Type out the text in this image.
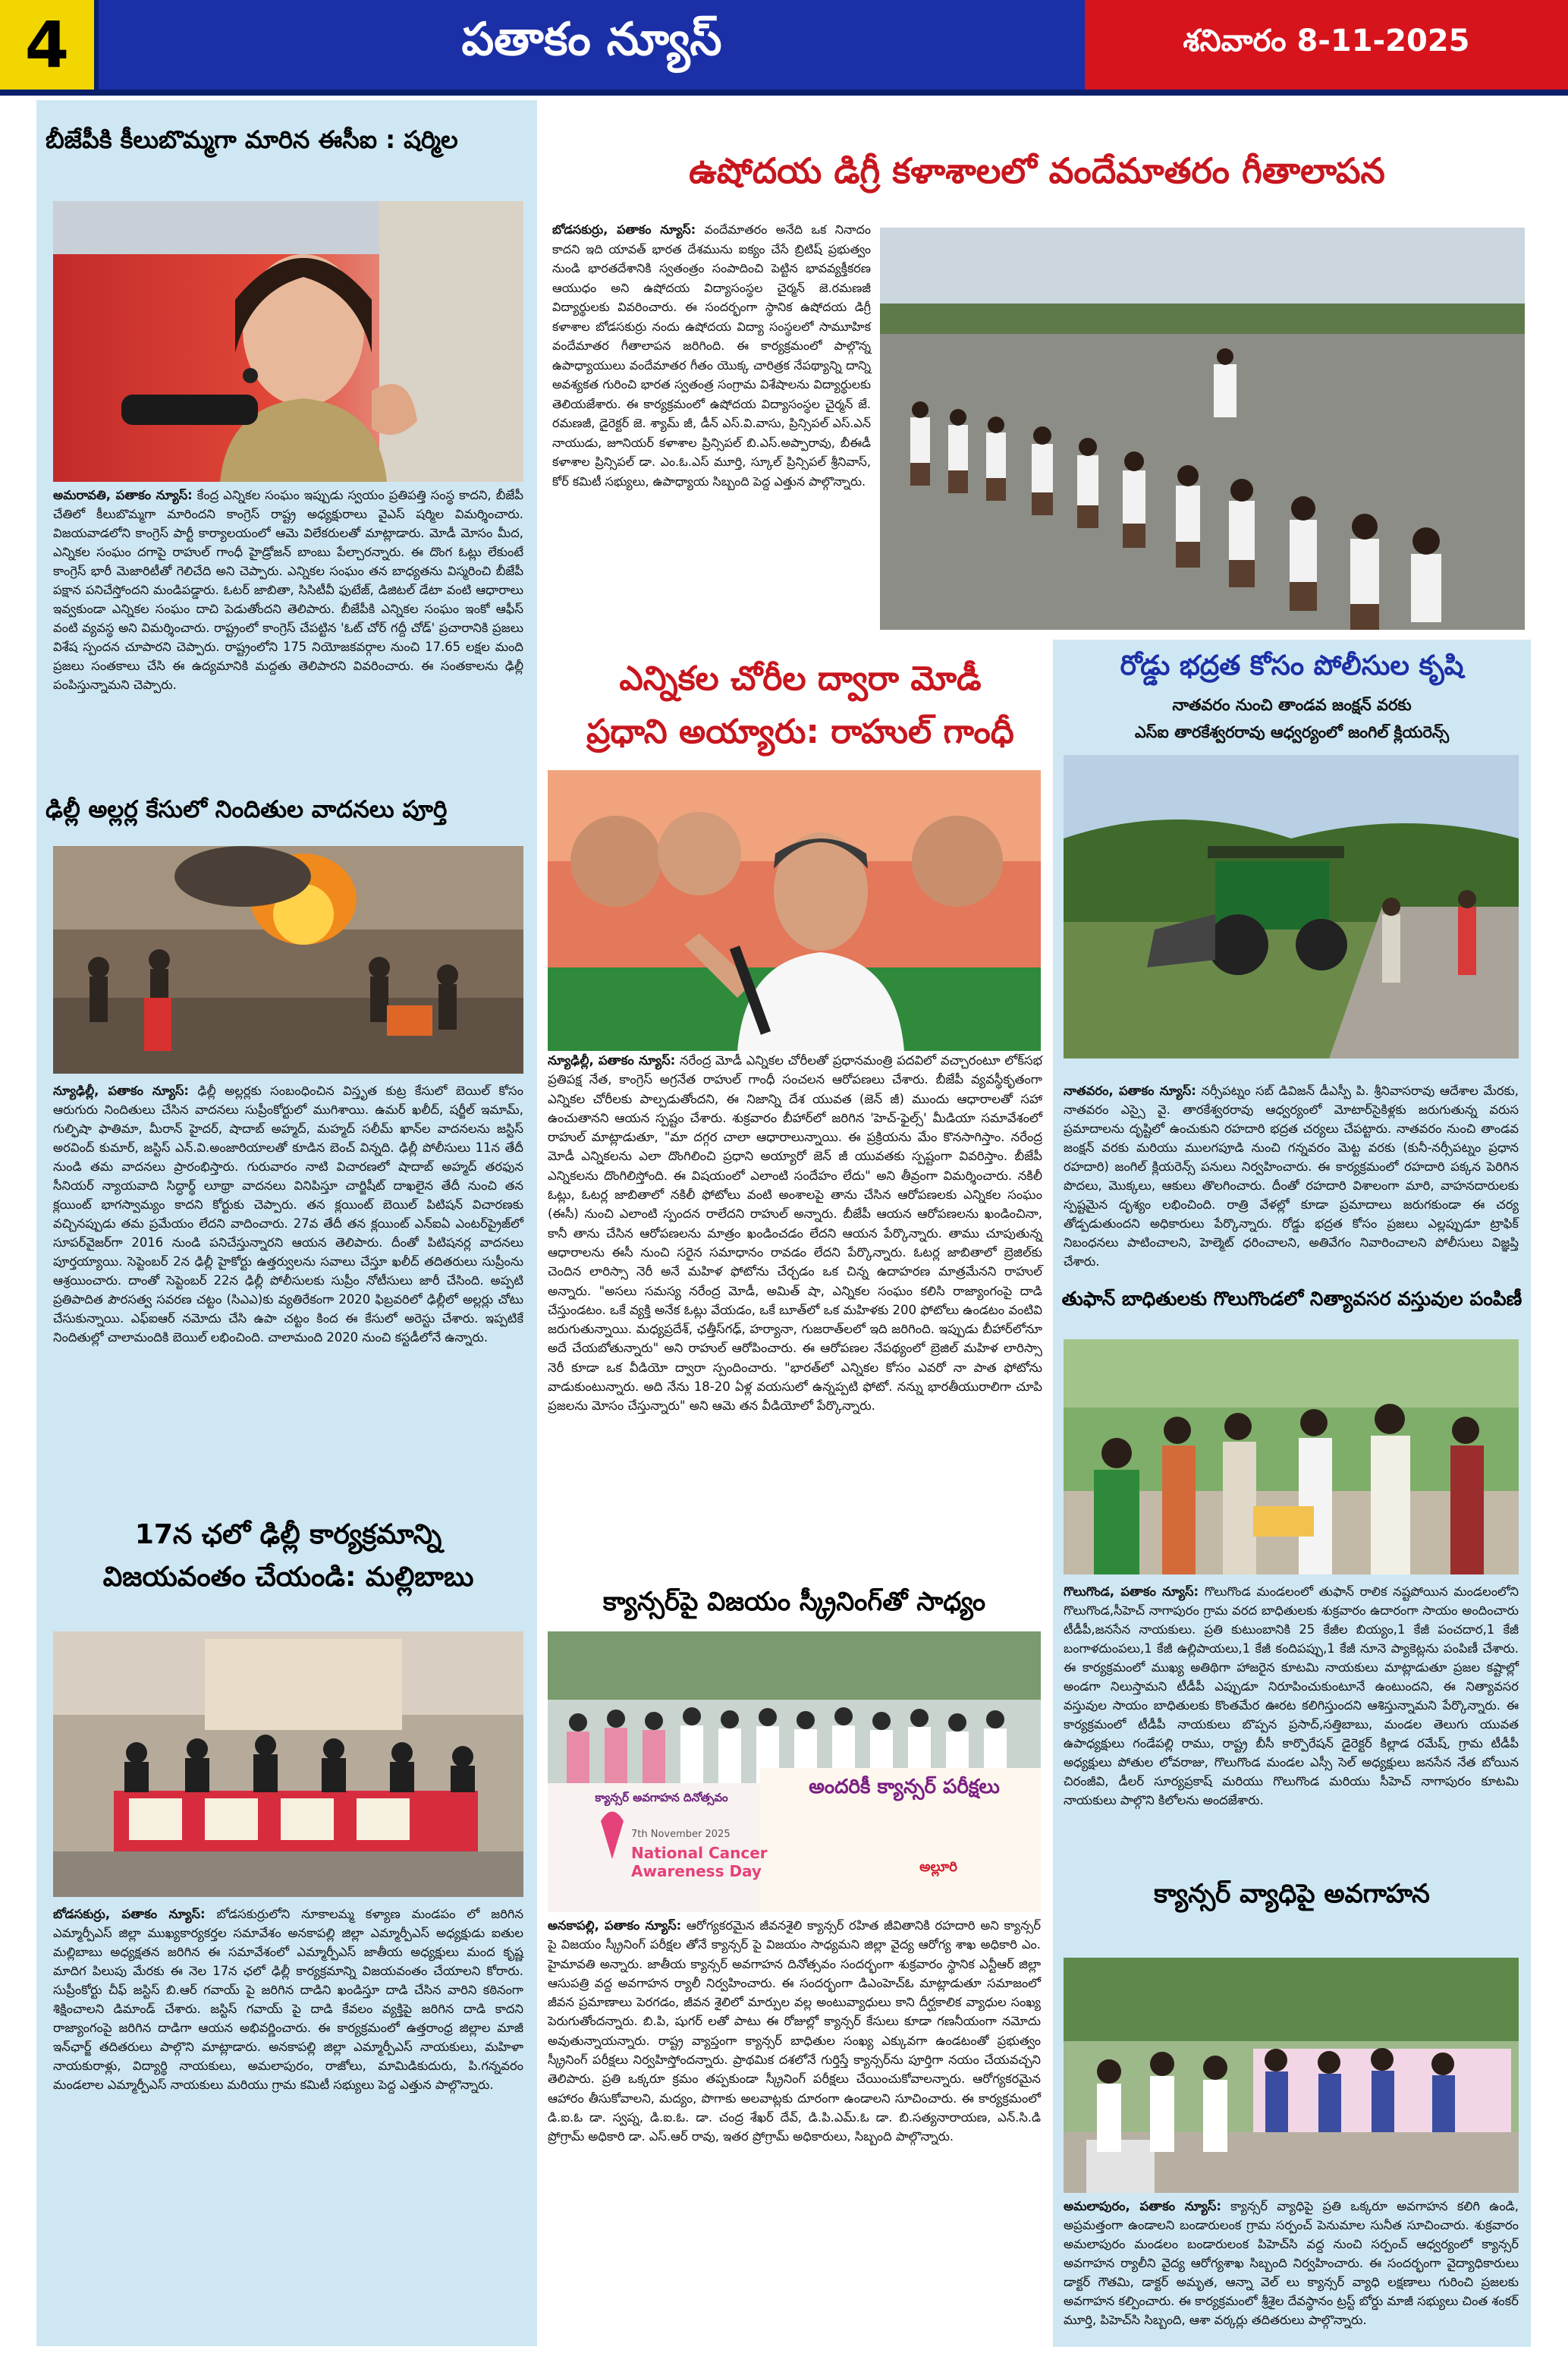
4	పతాకం న్యూస్	శనివారం 8-11-2025
బీజేపీకి కీలుబొమ్మగా మారిన ఈసీఐ : షర్మిల

అమరావతి, పతాకం న్యూస్: కేంద్ర ఎన్నికల సంఘం ఇప్పుడు స్వయం ప్రతిపత్తి సంస్థ కాదని, బీజేపీ చేతిలో కీలుబొమ్మగా మారిందని కాంగ్రెస్ రాష్ట్ర అధ్యక్షురాలు వైఎస్ షర్మిల విమర్శించారు. విజయవాడలోని కాంగ్రెస్ పార్టీ కార్యాలయంలో ఆమె విలేకరులతో మాట్లాడారు. మోడీ మోసం మీద, ఎన్నికల సంఘం దగాపై రాహుల్ గాంధీ హైడ్రోజన్ బాంబు పేల్చారన్నారు. ఈ దొంగ ఓట్లు లేకుంటే కాంగ్రెస్ భారీ మెజారిటీతో గెలిచేది అని చెప్పారు. ఎన్నికల సంఘం తన బాధ్యతను విస్మరించి బీజేపీ పక్షాన పనిచేస్తోందని మండిపడ్డారు. ఓటర్ జాబితా, సిసిటీవీ ఫుటేజ్, డిజిటల్ డేటా వంటి ఆధారాలు ఇవ్వకుండా ఎన్నికల సంఘం దాచి పెడుతోందని తెలిపారు. బీజేపీకి ఎన్నికల సంఘం ఇంకో ఆఫీస్ వంటి వ్యవస్థ అని విమర్శించారు. రాష్ట్రంలో కాంగ్రెస్ చేపట్టిన 'ఓట్ చోర్ గద్దీ చోడ్' ప్రచారానికి ప్రజలు విశేష స్పందన చూపారని చెప్పారు. రాష్ట్రంలోని 175 నియోజకవర్గాల నుంచి 17.65 లక్షల మంది ప్రజలు సంతకాలు చేసి ఈ ఉద్యమానికి మద్దతు తెలిపారని వివరించారు. ఈ సంతకాలను ఢిల్లీ పంపిస్తున్నామని చెప్పారు.

ఢిల్లీ అల్లర్ల కేసులో నిందితుల వాదనలు పూర్తి

న్యూఢిల్లీ, పతాకం న్యూస్: ఢిల్లీ అల్లర్లకు సంబంధించిన విస్తృత కుట్ర కేసులో బెయిల్ కోసం ఆరుగురు నిందితులు చేసిన వాదనలు సుప్రీంకోర్టులో ముగిశాయి. ఉమర్ ఖలీద్, షర్జీల్ ఇమామ్, గుల్ఫిషా ఫాతిమా, మీరాన్ హైదర్, షాదాబ్ అహ్మద్, మహ్మద్ సలీమ్ ఖాన్‌ల వాదనలను జస్టిస్ అరవింద్ కుమార్, జస్టిస్ ఎన్.వి.అంజారియాలతో కూడిన బెంచ్ విన్నది. ఢిల్లీ పోలీసులు 11న తేదీ నుండి తమ వాదనలు ప్రారంభిస్తారు. గురువారం నాటి విచారణలో షాదాబ్ అహ్మద్ తరఫున సీనియర్ న్యాయవాది సిద్ధార్థ్ లూథ్రా వాదనలు వినిపిస్తూ చార్జిషీట్ దాఖలైన తేదీ నుంచి తన క్లయింట్ భాగస్వామ్యం కాదని కోర్టుకు చెప్పారు. తన క్లయింట్ బెయిల్ పిటిషన్ విచారణకు వచ్చినప్పుడు తమ ప్రమేయం లేదని వాదించారు. 27వ తేదీ తన క్లయింట్ ఎన్ఐఏ ఎంటర్‌ప్రైజ్‌లో సూపర్‌వైజర్‌గా 2016 నుండి పనిచేస్తున్నారని ఆయన తెలిపారు. దీంతో పిటిషనర్ల వాదనలు పూర్తయ్యాయి. సెప్టెంబర్ 2న ఢిల్లీ హైకోర్టు ఉత్తర్వులను సవాలు చేస్తూ ఖలీద్ తదితరులు సుప్రీంను ఆశ్రయించారు. దాంతో సెప్టెంబర్ 22న ఢిల్లీ పోలీసులకు సుప్రీం నోటీసులు జారీ చేసింది. అప్పటి ప్రతిపాదిత పౌరసత్వ సవరణ చట్టం (సిఎఎ)కు వ్యతిరేకంగా 2020 ఫిబ్రవరిలో ఢిల్లీలో అల్లర్లు చోటు చేసుకున్నాయి. ఎఫ్ఐఆర్ నమోదు చేసి ఉపా చట్టం కింద ఈ కేసులో అరెస్టు చేశారు. ఇప్పటికే నిందితుల్లో చాలామందికి బెయిల్ లభించింది. చాలామంది 2020 నుంచి కస్టడీలోనే ఉన్నారు.

17న ఛలో ఢిల్లీ కార్యక్రమాన్ని
విజయవంతం చేయండి: మల్లిబాబు

బోడసకుర్రు, పతాకం న్యూస్: బోడసకుర్రులోని నూకాలమ్మ కళ్యాణ మండపం లో జరిగిన ఎమ్మార్పీఎస్ జిల్లా ముఖ్యకార్యకర్తల సమావేశం అనకాపల్లి జిల్లా ఎమ్మార్పీఎస్ అధ్యక్షుడు ఐతుల మల్లిబాబు అధ్యక్షతన జరిగిన ఈ సమావేశంలో ఎమ్మార్పీఎస్ జాతీయ అధ్యక్షులు మంద కృష్ణ మాదిగ పిలుపు మేరకు ఈ నెల 17న ఛలో ఢిల్లీ కార్యక్రమాన్ని విజయవంతం చేయాలని కోరారు. సుప్రీంకోర్టు చీఫ్ జస్టిస్ బి.ఆర్ గవాయ్ పై జరిగిన దాడిని ఖండిస్తూ దాడి చేసిన వారిని కఠినంగా శిక్షించాలని డిమాండ్ చేశారు. జస్టిస్ గవాయ్ పై దాడి కేవలం వ్యక్తిపై జరిగిన దాడి కాదని రాజ్యాంగంపై జరిగిన దాడిగా ఆయన అభివర్ణించారు. ఈ కార్యక్రమంలో ఉత్తరాంధ్ర జిల్లాల మాజీ ఇన్‌ఛార్జ్ తదితరులు పాల్గొని మాట్లాడారు. అనకాపల్లి జిల్లా ఎమ్మార్పీఎస్ నాయకులు, మహిళా నాయకురాళ్లు, విద్యార్థి నాయకులు, అమలాపురం, రాజోలు, మామిడికుదురు, పి.గన్నవరం మండలాల ఎమ్మార్పీఎస్ నాయకులు మరియు గ్రామ కమిటీ సభ్యులు పెద్ద ఎత్తున పాల్గొన్నారు.

ఉషోదయ డిగ్రీ కళాశాలలో వందేమాతరం గీతాలాపన

బోడసకుర్రు, పతాకం న్యూస్: వందేమాతరం అనేది ఒక నినాదం కాదని ఇది యావత్ భారత దేశమును ఐక్యం చేసే బ్రిటిష్ ప్రభుత్వం నుండి భారతదేశానికి స్వతంత్రం సంపాదించి పెట్టిన భావవ్యక్తీకరణ ఆయుధం అని ఉషోదయ విద్యాసంస్థల చైర్మన్ జె.రమణజీ విద్యార్థులకు వివరించారు. ఈ సందర్భంగా స్థానిక ఉషోదయ డిగ్రీ కళాశాల బోడసకుర్రు నందు ఉషోదయ విద్యా సంస్థలలో సామూహిక వందేమాతర గీతాలాపన జరిగింది. ఈ కార్యక్రమంలో పాల్గొన్న ఉపాధ్యాయులు వందేమాతర గీతం యొక్క చారిత్రక నేపథ్యాన్ని దాన్ని అవశ్యకత గురించి భారత స్వతంత్ర సంగ్రామ విశేషాలను విద్యార్థులకు తెలియజేశారు. ఈ కార్యక్రమంలో ఉషోదయ విద్యాసంస్థల చైర్మన్ జే. రమణజీ, డైరెక్టర్ జె. శ్యామ్ జీ, డీన్ ఎస్.వి.వాసు, ప్రిన్సిపల్ ఎస్.ఎన్ నాయుడు, జూనియర్ కళాశాల ప్రిన్సిపల్ బి.ఎస్.అప్పారావు, బీఈడీ కళాశాల ప్రిన్సిపల్ డా. ఎం.ఓ.ఎస్ మూర్తి, స్కూల్ ప్రిన్సిపల్ శ్రీనివాస్, కోర్ కమిటీ సభ్యులు, ఉపాధ్యాయ సిబ్బంది పెద్ద ఎత్తున పాల్గొన్నారు.

ఎన్నికల చోరీల ద్వారా మోడీ
ప్రధాని అయ్యారు: రాహుల్ గాంధీ

న్యూఢిల్లీ, పతాకం న్యూస్: నరేంద్ర మోడీ ఎన్నికల చోరీలతో ప్రధానమంత్రి పదవిలో వచ్చారంటూ లోక్‌సభ ప్రతిపక్ష నేత, కాంగ్రెస్ అగ్రనేత రాహుల్ గాంధీ సంచలన ఆరోపణలు చేశారు. బీజేపీ వ్యవస్థీకృతంగా ఎన్నికల చోరీలకు పాల్పడుతోందని, ఈ నిజాన్ని దేశ యువత (జెన్ జీ) ముందు ఆధారాలతో సహా ఉంచుతానని ఆయన స్పష్టం చేశారు. శుక్రవారం బీహార్‌లో జరిగిన 'హెచ్-ఫైల్స్' మీడియా సమావేశంలో రాహుల్ మాట్లాడుతూ, "మా దగ్గర చాలా ఆధారాలున్నాయి. ఈ ప్రక్రియను మేం కొనసాగిస్తాం. నరేంద్ర మోడీ ఎన్నికలను ఎలా దొంగిలించి ప్రధాని అయ్యారో జెన్ జీ యువతకు స్పష్టంగా వివరిస్తాం. బీజేపీ ఎన్నికలను దొంగిలిస్తోంది. ఈ విషయంలో ఎలాంటి సందేహం లేదు" అని తీవ్రంగా విమర్శించారు. నకిలీ ఓట్లు, ఓటర్ల జాబితాలో నకిలీ ఫోటోలు వంటి అంశాలపై తాను చేసిన ఆరోపణలకు ఎన్నికల సంఘం (ఈసీ) నుంచి ఎలాంటి స్పందన రాలేదని రాహుల్ అన్నారు. బీజేపీ ఆయన ఆరోపణలను ఖండించినా, కానీ తాను చేసిన ఆరోపణలను మాత్రం ఖండించడం లేదని ఆయన పేర్కొన్నారు. తాము చూపుతున్న ఆధారాలను ఈసీ నుంచి సరైన సమాధానం రావడం లేదని పేర్కొన్నారు. ఓటర్ల జాబితాలో బ్రెజిల్‌కు చెందిన లారిస్సా నెరీ అనే మహిళ ఫోటోను చేర్చడం ఒక చిన్న ఉదాహరణ మాత్రమేనని రాహుల్ అన్నారు. "అసలు సమస్య నరేంద్ర మోడీ, అమిత్ షా, ఎన్నికల సంఘం కలిసి రాజ్యాంగంపై దాడి చేస్తుండటం. ఒకే వ్యక్తి అనేక ఓట్లు వేయడం, ఒకే బూత్‌లో ఒక మహిళకు 200 ఫోటోలు ఉండటం వంటివి జరుగుతున్నాయి. మధ్యప్రదేశ్, ఛత్తీస్‌గఢ్, హర్యానా, గుజరాత్‌లలో ఇది జరిగింది. ఇప్పుడు బీహార్‌లోనూ అదే చేయబోతున్నారు" అని రాహుల్ ఆరోపించారు. ఈ ఆరోపణల నేపథ్యంలో బ్రెజిల్ మహిళ లారిస్సా నెరీ కూడా ఒక వీడియో ద్వారా స్పందించారు. "భారత్‌లో ఎన్నికల కోసం ఎవరో నా పాత ఫోటోను వాడుకుంటున్నారు. అది నేను 18-20 ఏళ్ల వయసులో ఉన్నప్పటి ఫోటో. నన్ను భారతీయురాలిగా చూపి ప్రజలను మోసం చేస్తున్నారు" అని ఆమె తన వీడియోలో పేర్కొన్నారు.

క్యాన్సర్‌పై విజయం స్క్రీనింగ్‌తో సాధ్యం
క్యాన్సర్ అవగాహన దినోత్సవం	అందరికీ క్యాన్సర్ పరీక్షలు
National Cancer Awareness Day
7th November 2025
అల్లూరి

అనకాపల్లి, పతాకం న్యూస్: ఆరోగ్యకరమైన జీవనశైలి క్యాన్సర్ రహిత జీవితానికి రహదారి అని క్యాన్సర్ పై విజయం స్క్రీనింగ్ పరీక్షల తోనే క్యాన్సర్ పై విజయం సాధ్యమని జిల్లా వైద్య ఆరోగ్య శాఖ అధికారి ఎం. హైమావతి అన్నారు. జాతీయ క్యాన్సర్ అవగాహన దినోత్సవం సందర్భంగా శుక్రవారం స్థానిక ఎన్టీఆర్ జిల్లా ఆసుపత్రి వద్ద అవగాహన ర్యాలీ నిర్వహించారు. ఈ సందర్భంగా డిఎంహెచ్ఓ మాట్లాడుతూ సమాజంలో జీవన ప్రమాణాలు పెరగడం, జీవన శైలిలో మార్పుల వల్ల అంటువ్యాధులు కాని దీర్ఘకాలిక వ్యాధుల సంఖ్య పెరుగుతోందన్నారు. బి.పి, షుగర్ లతో పాటు ఈ రోజుల్లో క్యాన్సర్ కేసులు కూడా గణనీయంగా నమోదు అవుతున్నాయన్నారు. రాష్ట్ర వ్యాప్తంగా క్యాన్సర్ బాధితుల సంఖ్య ఎక్కువగా ఉండటంతో ప్రభుత్వం స్క్రీనింగ్ పరీక్షలు నిర్వహిస్తోందన్నారు. ప్రాథమిక దశలోనే గుర్తిస్తే క్యాన్సర్‌ను పూర్తిగా నయం చేయవచ్చని తెలిపారు. ప్రతి ఒక్కరూ క్రమం తప్పకుండా స్క్రీనింగ్ పరీక్షలు చేయించుకోవాలన్నారు. ఆరోగ్యకరమైన ఆహారం తీసుకోవాలని, మద్యం, పొగాకు అలవాట్లకు దూరంగా ఉండాలని సూచించారు. ఈ కార్యక్రమంలో డి.ఐ.ఓ డా. స్వప్న, డి.ఐ.ఓ. డా. చంద్ర శేఖర్ దేవ్, డి.పి.ఎమ్.ఓ డా. బి.సత్యనారాయణ, ఎన్.సి.డి ప్రోగ్రామ్ అధికారి డా. ఎస్.ఆర్ రావు, ఇతర ప్రోగ్రామ్ అధికారులు, సిబ్బంది పాల్గొన్నారు.

రోడ్డు భద్రత కోసం పోలీసుల కృషి

నాతవరం నుంచి తాండవ జంక్షన్ వరకు

ఎస్ఐ తారకేశ్వరరావు ఆధ్వర్యంలో జంగిల్ క్లియరెన్స్

నాతవరం, పతాకం న్యూస్: నర్సీపట్నం సబ్ డివిజన్ డీఎస్పీ పి. శ్రీనివాసరావు ఆదేశాల మేరకు, నాతవరం ఎస్సై వై. తారకేశ్వరరావు ఆధ్వర్యంలో మోటార్‌సైకిళ్లకు జరుగుతున్న వరుస ప్రమాదాలను దృష్టిలో ఉంచుకుని రహదారి భద్రత చర్యలు చేపట్టారు. నాతవరం నుంచి తాండవ జంక్షన్ వరకు మరియు ములగపూడి నుంచి గన్నవరం మెట్ట వరకు (కునీ-నర్సీపట్నం ప్రధాన రహదారి) జంగిల్ క్లియరెన్స్ పనులు నిర్వహించారు. ఈ కార్యక్రమంలో రహదారి పక్కన పెరిగిన పొదలు, మొక్కలు, ఆకులు తొలగించారు. దీంతో రహదారి విశాలంగా మారి, వాహనదారులకు స్పష్టమైన దృశ్యం లభించింది. రాత్రి వేళల్లో కూడా ప్రమాదాలు జరుగకుండా ఈ చర్య తోడ్పడుతుందని అధికారులు పేర్కొన్నారు. రోడ్డు భద్రత కోసం ప్రజలు ఎల్లప్పుడూ ట్రాఫిక్ నిబంధనలు పాటించాలని, హెల్మెట్ ధరించాలని, అతివేగం నివారించాలని పోలీసులు విజ్ఞప్తి చేశారు.

తుఫాన్ బాధితులకు గొలుగొండలో నిత్యావసర వస్తువుల పంపిణీ

గొలుగొండ, పతాకం న్యూస్: గొలుగొండ మండలంలో తుఫాన్ రాలిక నష్టపోయిన మండలంలోని గొలుగొండ,సీహెచ్ నాగాపురం గ్రామ వరద బాధితులకు శుక్రవారం ఉదారంగా సాయం అందించారు టీడీపీ,జనసేన నాయకులు. ప్రతి కుటుంబానికి 25 కేజీల బియ్యం,1 కేజీ పంచదార,1 కేజీ బంగాళదుంపలు,1 కేజీ ఉల్లిపాయలు,1 కేజీ కందిపప్పు,1 కేజీ నూనె ప్యాకెట్లను పంపిణీ చేశారు. ఈ కార్యక్రమంలో ముఖ్య అతిథిగా హాజరైన కూటమి నాయకులు మాట్లాడుతూ ప్రజల కష్టాల్లో అండగా నిలుస్తామని టీడీపీ ఎప్పుడూ నిరూపించుకుంటూనే ఉంటుందని, ఈ నిత్యావసర వస్తువుల సాయం బాధితులకు కొంతమేర ఊరట కలిగిస్తుందని ఆశిస్తున్నామని పేర్కొన్నారు. ఈ కార్యక్రమంలో టీడీపీ నాయకులు బొప్పన ప్రసాద్,సత్తిబాబు, మండల తెలుగు యువత ఉపాధ్యక్షులు గండేపల్లి రాము, రాష్ట్ర బీసీ కార్పొరేషన్ డైరెక్టర్ కిల్లాడ రమేష్, గ్రామ టీడీపీ అధ్యక్షులు పోతుల లోవరాజు, గొలుగొండ మండల ఎస్సీ సెల్ అధ్యక్షులు జనసేన నేత బోయిన చిరంజీవి, డీలర్ సూర్యప్రకాష్ మరియు గొలుగొండ మరియు సీహెచ్ నాగాపురం కూటమి నాయకులు పాల్గొని కిలోలను అందజేశారు.

క్యాన్సర్ వ్యాధిపై అవగాహన

అమలాపురం, పతాకం న్యూస్: క్యాన్సర్ వ్యాధిపై ప్రతి ఒక్కరూ అవగాహన కలిగి ఉండి, అప్రమత్తంగా ఉండాలని బండారులంక గ్రామ సర్పంచ్ పెనుమాల సునీత సూచించారు. శుక్రవారం అమలాపురం మండలం బండారులంక పిహెచ్‌సి వద్ద నుంచి సర్పంచ్ ఆధ్వర్యంలో క్యాన్సర్ అవగాహన ర్యాలీని వైద్య ఆరోగ్యశాఖ సిబ్బంది నిర్వహించారు. ఈ సందర్భంగా వైద్యాధికారులు డాక్టర్ గౌతమి, డాక్టర్ అమృత, ఆన్నా వెల్ లు క్యాన్సర్ వ్యాధి లక్షణాలు గురించి ప్రజలకు అవగాహన కల్పించారు. ఈ కార్యక్రమంలో శ్రీశైల దేవస్థానం ట్రస్ట్ బోర్డు మాజీ సభ్యులు చింత శంకర్ మూర్తి, పిహెచ్‌సి సిబ్బంది, ఆశా వర్కర్లు తదితరులు పాల్గొన్నారు.
